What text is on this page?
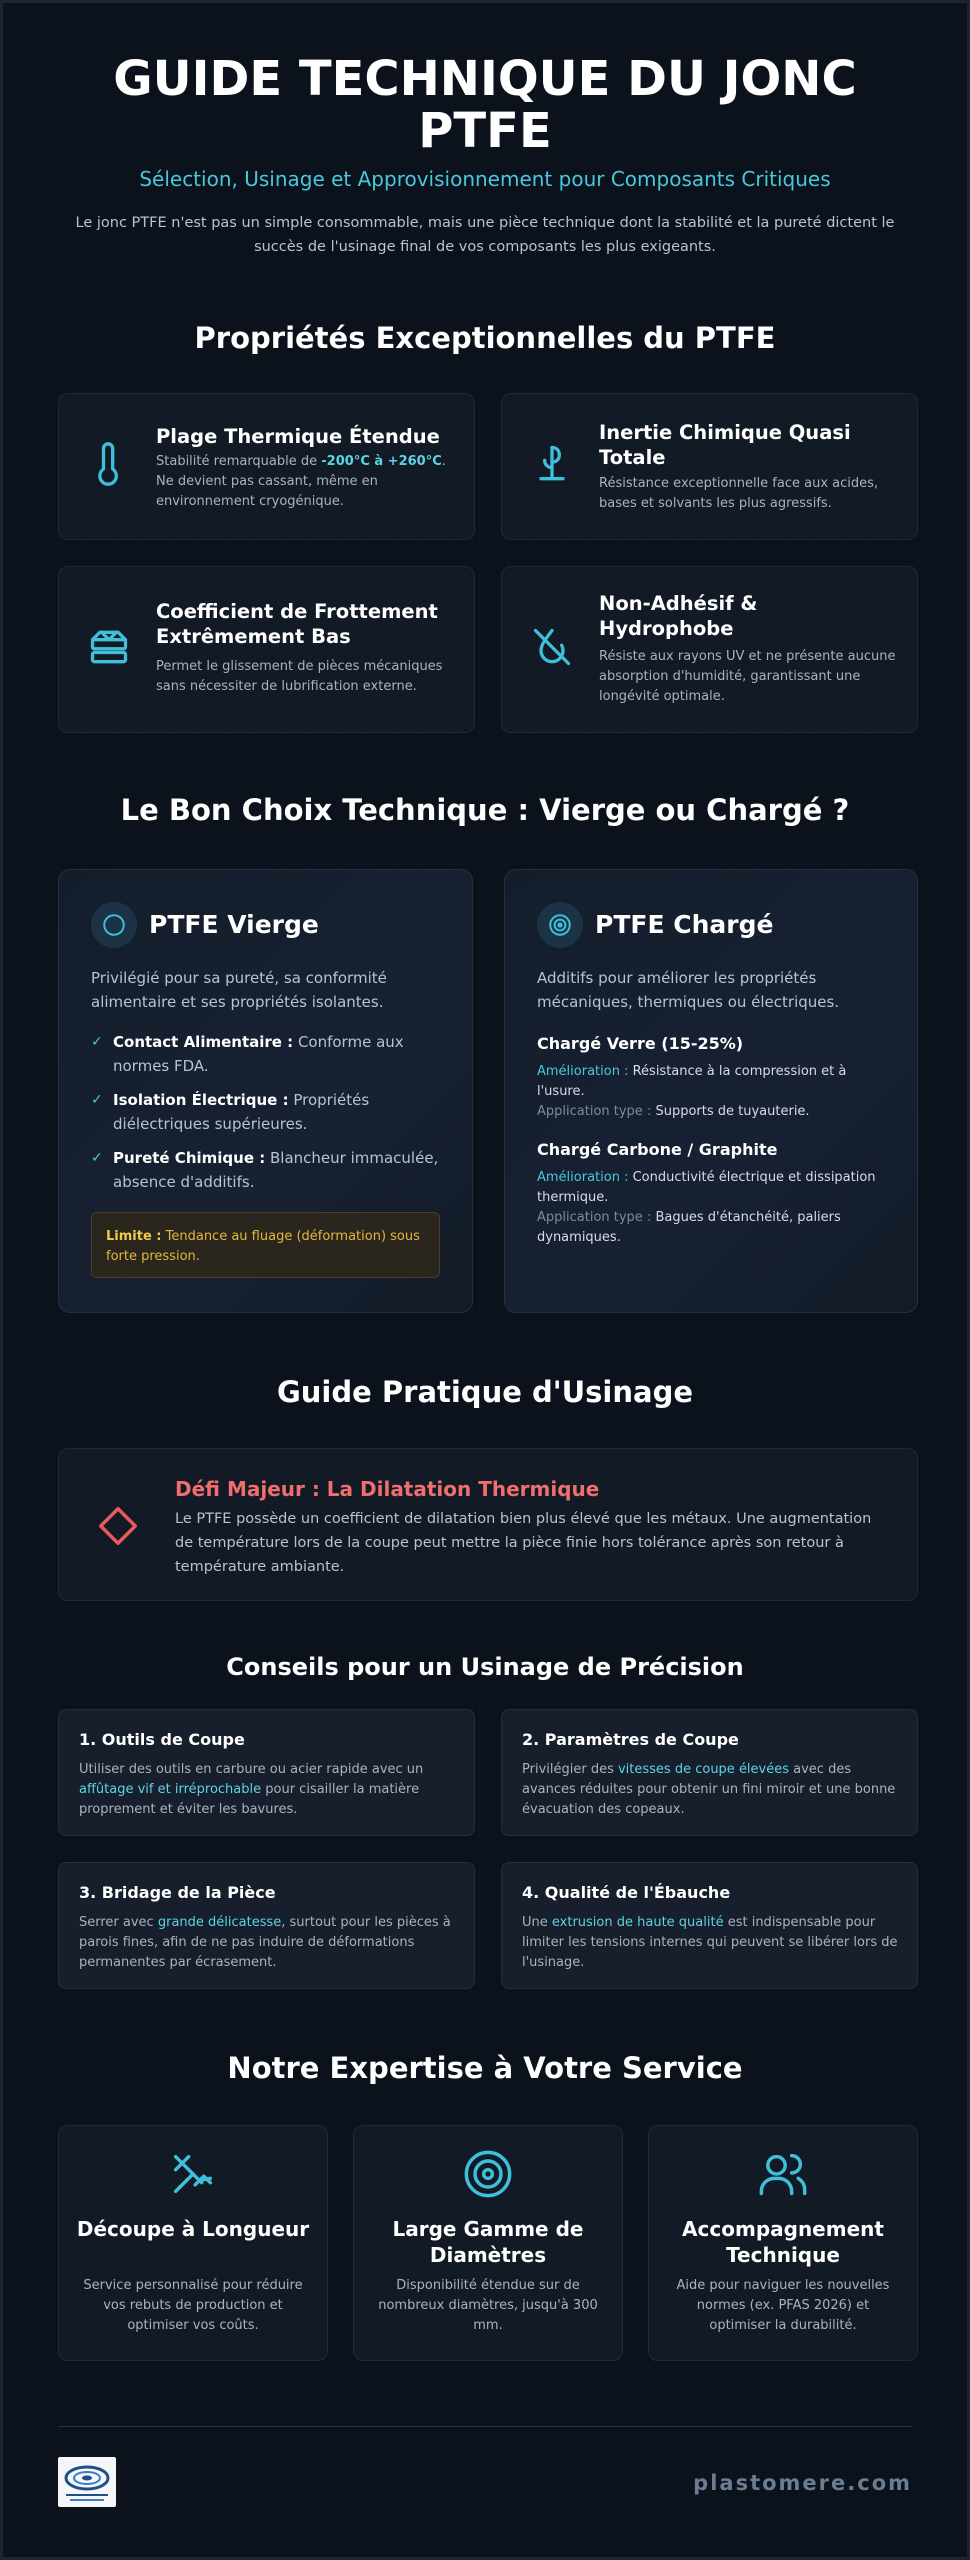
GUIDE TECHNIQUE DU JONC PTFE
Sélection, Usinage et Approvisionnement pour Composants Critiques

Le jonc PTFE n'est pas un simple consommable, mais une pièce technique dont la stabilité et la pureté dictent le succès de l'usinage final de vos composants les plus exigeants.

Propriétés Exceptionnelles du PTFE
Plage Thermique Étendue
Stabilité remarquable de -200°C à +260°C. Ne devient pas cassant, même en environnement cryogénique.
Inertie Chimique Quasi Totale
Résistance exceptionnelle face aux acides, bases et solvants les plus agressifs.
Coefficient de Frottement Extrêmement Bas
Permet le glissement de pièces mécaniques sans nécessiter de lubrification externe.
Non-Adhésif & Hydrophobe
Résiste aux rayons UV et ne présente aucune absorption d'humidité, garantissant une longévité optimale.
Le Bon Choix Technique : Vierge ou Chargé ?
PTFE Vierge
Privilégié pour sa pureté, sa conformité alimentaire et ses propriétés isolantes.
✓ Contact Alimentaire : Conforme aux normes FDA.
✓ Isolation Électrique : Propriétés diélectriques supérieures.
✓ Pureté Chimique : Blancheur immaculée, absence d'additifs.
Limite : Tendance au fluage (déformation) sous forte pression.
PTFE Chargé
Additifs pour améliorer les propriétés mécaniques, thermiques ou électriques.
Chargé Verre (15-25%)
Amélioration : Résistance à la compression et à l'usure.
Application type : Supports de tuyauterie.
Chargé Carbone / Graphite
Amélioration : Conductivité électrique et dissipation thermique.
Application type : Bagues d'étanchéité, paliers dynamiques.
Guide Pratique d'Usinage
Défi Majeur : La Dilatation Thermique
Le PTFE possède un coefficient de dilatation bien plus élevé que les métaux. Une augmentation de température lors de la coupe peut mettre la pièce finie hors tolérance après son retour à température ambiante.
Conseils pour un Usinage de Précision
1. Outils de Coupe
Utiliser des outils en carbure ou acier rapide avec un affûtage vif et irréprochable pour cisailler la matière proprement et éviter les bavures.
2. Paramètres de Coupe
Privilégier des vitesses de coupe élevées avec des avances réduites pour obtenir un fini miroir et une bonne évacuation des copeaux.
3. Bridage de la Pièce
Serrer avec grande délicatesse, surtout pour les pièces à parois fines, afin de ne pas induire de déformations permanentes par écrasement.
4. Qualité de l'Ébauche
Une extrusion de haute qualité est indispensable pour limiter les tensions internes qui peuvent se libérer lors de l'usinage.
Notre Expertise à Votre Service
Découpe à Longueur
Service personnalisé pour réduire vos rebuts de production et optimiser vos coûts.
Large Gamme de Diamètres
Disponibilité étendue sur de nombreux diamètres, jusqu'à 300 mm.
Accompagnement Technique
Aide pour naviguer les nouvelles normes (ex. PFAS 2026) et optimiser la durabilité.
plastomere.com
